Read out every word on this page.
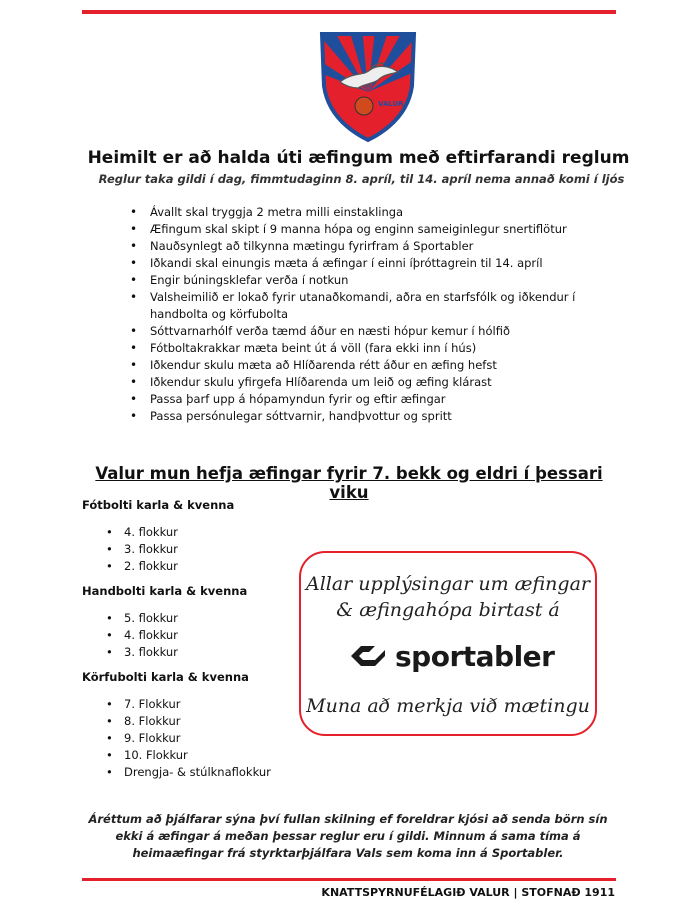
VALUR
Heimilt er að halda úti æfingum með eftirfarandi reglum
Reglur taka gildi í dag, fimmtudaginn 8. apríl, til 14. apríl nema annað komi í ljós
• Ávallt skal tryggja 2 metra milli einstaklinga
• Æfingum skal skipt í 9 manna hópa og enginn sameiginlegur snertiflötur
• Nauðsynlegt að tilkynna mætingu fyrirfram á Sportabler
• Iðkandi skal einungis mæta á æfingar í einni íþróttagrein til 14. apríl
• Engir búningsklefar verða í notkun
• Valsheimilið er lokað fyrir utanaðkomandi, aðra en starfsfólk og iðkendur í handbolta og körfubolta
• Sóttvarnarhólf verða tæmd áður en næsti hópur kemur í hólfið
• Fótboltakrakkar mæta beint út á völl (fara ekki inn í hús)
• Iðkendur skulu mæta að Hlíðarenda rétt áður en æfing hefst
• Iðkendur skulu yfirgefa Hlíðarenda um leið og æfing klárast
• Passa þarf upp á hópamyndun fyrir og eftir æfingar
• Passa persónulegar sóttvarnir, handþvottur og spritt
Valur mun hefja æfingar fyrir 7. bekk og eldri í þessari viku
Fótbolti karla & kvenna
• 4. flokkur
• 3. flokkur
• 2. flokkur
Handbolti karla & kvenna
• 5. flokkur
• 4. flokkur
• 3. flokkur
Körfubolti karla & kvenna
• 7. Flokkur
• 8. Flokkur
• 9. Flokkur
• 10. Flokkur
• Drengja- & stúlknaflokkur
Allar upplýsingar um æfingar
& æfingahópa birtast á
sportabler
Muna að merkja við mætingu
Áréttum að þjálfarar sýna því fullan skilning ef foreldrar kjósi að senda börn sín ekki á æfingar á meðan þessar reglur eru í gildi. Minnum á sama tíma á heimaæfingar frá styrktarþjálfara Vals sem koma inn á Sportabler.
KNATTSPYRNUFÉLAGIÐ VALUR | STOFNAÐ 1911
